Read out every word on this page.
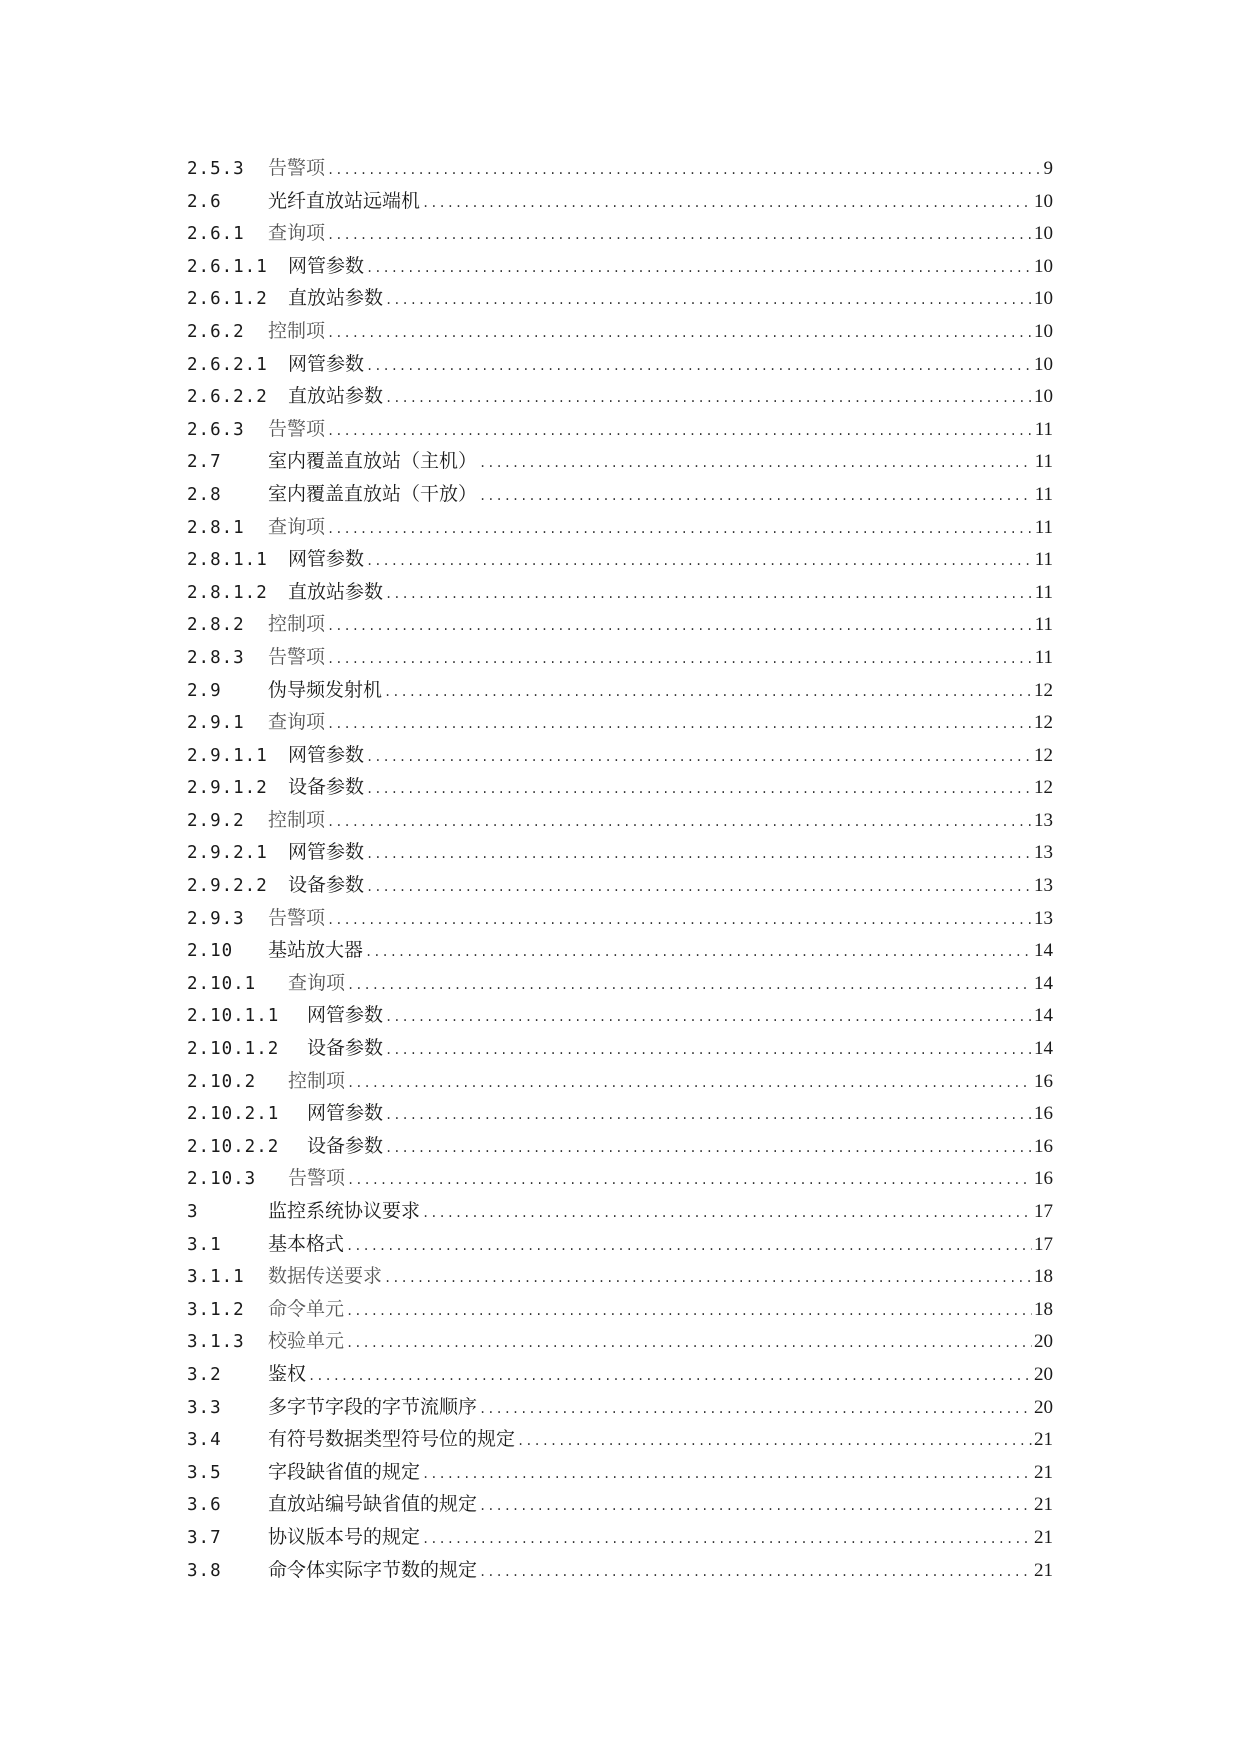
2.5.3	告警项 .....	9
2.6	光纤直放站远端机 .....	10
2.6.1	查询项 .....	10
2.6.1.1	网管参数 .....	10
2.6.1.2	直放站参数 .....	10
2.6.2	控制项 .....	10
2.6.2.1	网管参数 .....	10
2.6.2.2	直放站参数 .....	10
2.6.3	告警项 .....	11
2.7	室内覆盖直放站（主机） .....	11
2.8	室内覆盖直放站（干放） .....	11
2.8.1	查询项 .....	11
2.8.1.1	网管参数 .....	11
2.8.1.2	直放站参数 .....	11
2.8.2	控制项 .....	11
2.8.3	告警项 .....	11
2.9	伪导频发射机 .....	12
2.9.1	查询项 .....	12
2.9.1.1	网管参数 .....	12
2.9.1.2	设备参数 .....	12
2.9.2	控制项 .....	13
2.9.2.1	网管参数 .....	13
2.9.2.2	设备参数 .....	13
2.9.3	告警项 .....	13
2.10	基站放大器 .....	14
2.10.1	查询项 .....	14
2.10.1.1	网管参数 .....	14
2.10.1.2	设备参数 .....	14
2.10.2	控制项 .....	16
2.10.2.1	网管参数 .....	16
2.10.2.2	设备参数 .....	16
2.10.3	告警项 .....	16
3	监控系统协议要求 .....	17
3.1	基本格式 .....	17
3.1.1	数据传送要求 .....	18
3.1.2	命令单元 .....	18
3.1.3	校验单元 .....	20
3.2	鉴权 .....	20
3.3	多字节字段的字节流顺序 .....	20
3.4	有符号数据类型符号位的规定 .....	21
3.5	字段缺省值的规定 .....	21
3.6	直放站编号缺省值的规定 .....	21
3.7	协议版本号的规定 .....	21
3.8	命令体实际字节数的规定 .....	21
